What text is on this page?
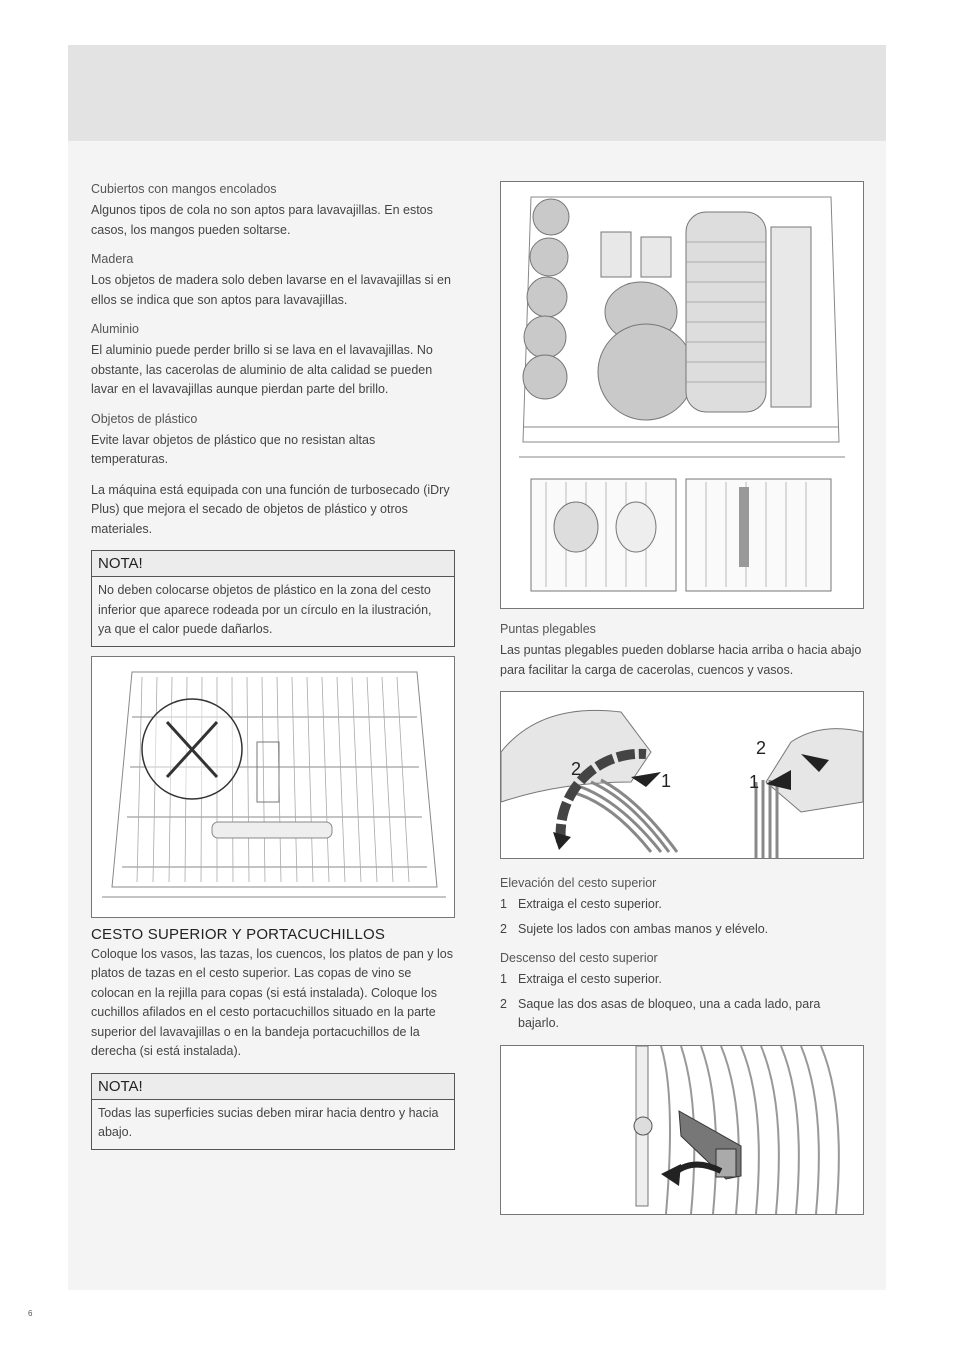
Cubiertos con mangos encolados
Algunos tipos de cola no son aptos para lavavajillas. En estos casos, los mangos pueden soltarse.
Madera
Los objetos de madera solo deben lavarse en el lavavajillas si en ellos se indica que son aptos para lavavajillas.
Aluminio
El aluminio puede perder brillo si se lava en el lavavajillas. No obstante, las cacerolas de aluminio de alta calidad se pueden lavar en el lavavajillas aunque pierdan parte del brillo.
Objetos de plástico
Evite lavar objetos de plástico que no resistan altas temperaturas.
La máquina está equipada con una función de turbosecado (iDry Plus) que mejora el secado de objetos de plástico y otros materiales.
NOTA!
No deben colocarse objetos de plástico en la zona del cesto inferior que aparece rodeada por un círculo en la ilustración, ya que el calor puede dañarlos.
CESTO SUPERIOR Y PORTACUCHILLOS
Coloque los vasos, las tazas, los cuencos, los platos de pan y los platos de tazas en el cesto superior. Las copas de vino se colocan en la rejilla para copas (si está instalada). Coloque los cuchillos afilados en el cesto portacuchillos situado en la parte superior del lavavajillas o en la bandeja portacuchillos de la derecha (si está instalada).
NOTA!
Todas las superficies sucias deben mirar hacia dentro y hacia abajo.
Puntas plegables
Las puntas plegables pueden doblarse hacia arriba o hacia abajo para facilitar la carga de cacerolas, cuencos y vasos.
2
1	1
2
Elevación del cesto superior
1 Extraiga el cesto superior.
2 Sujete los lados con ambas manos y elévelo.
Descenso del cesto superior
1 Extraiga el cesto superior.
2 Saque las dos asas de bloqueo, una a cada lado, para bajarlo.
6
